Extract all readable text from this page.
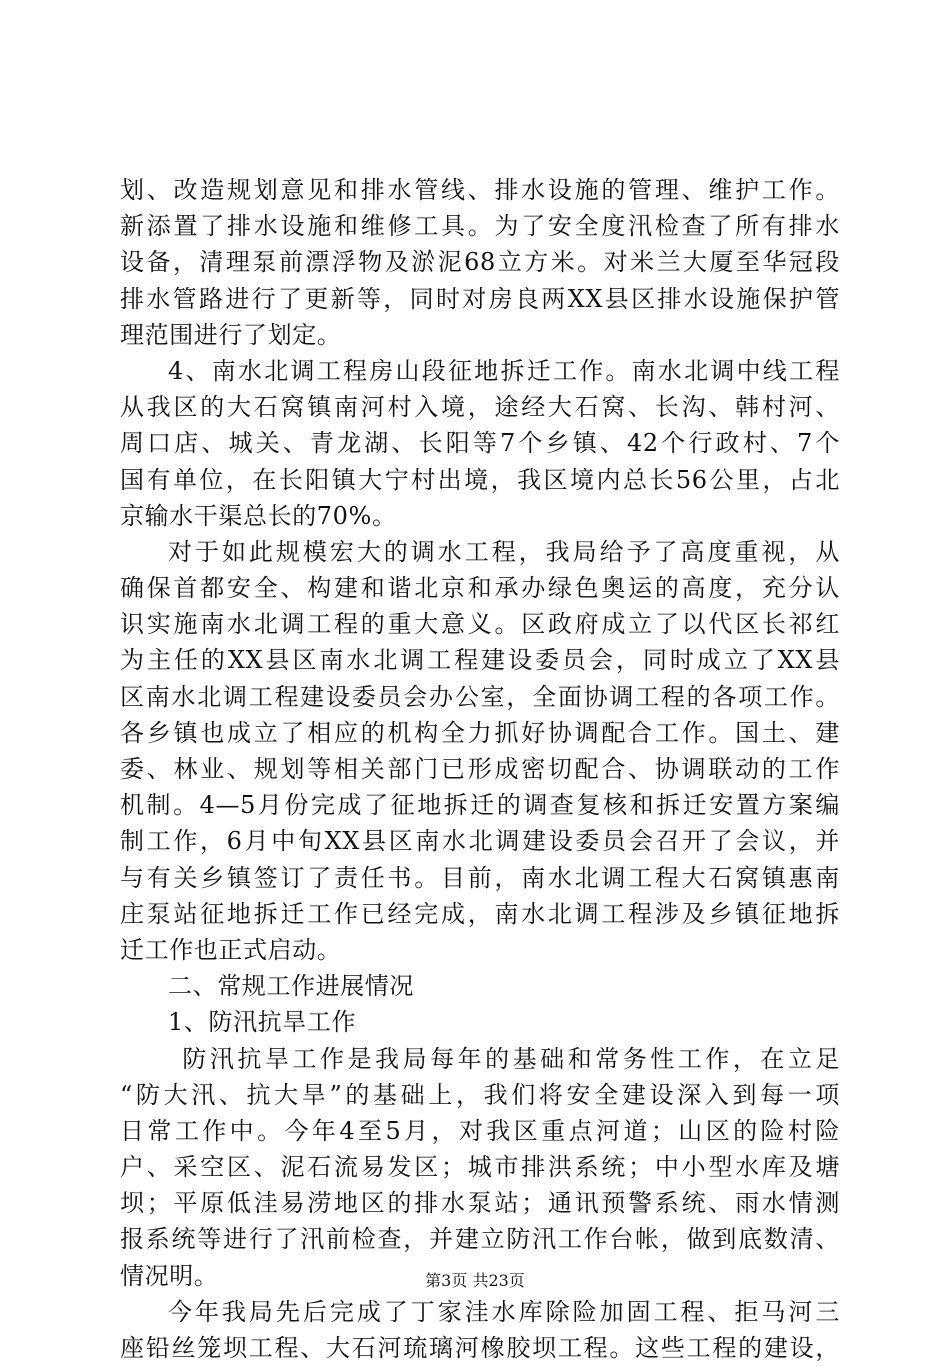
划、改造规划意见和排水管线、排水设施的管理、维护工作。
新添置了排水设施和维修工具。为了安全度汛检查了所有排水
设备，清理泵前漂浮物及淤泥68立方米。对米兰大厦至华冠段
排水管路进行了更新等，同时对房良两XX县区排水设施保护管
理范围进行了划定。
4、南水北调工程房山段征地拆迁工作。南水北调中线工程
从我区的大石窝镇南河村入境，途经大石窝、长沟、韩村河、
周口店、城关、青龙湖、长阳等7个乡镇、42个行政村、7个
国有单位，在长阳镇大宁村出境，我区境内总长56公里，占北
京输水干渠总长的70%。
对于如此规模宏大的调水工程，我局给予了高度重视，从
确保首都安全、构建和谐北京和承办绿色奥运的高度，充分认
识实施南水北调工程的重大意义。区政府成立了以代区长祁红
为主任的XX县区南水北调工程建设委员会，同时成立了XX县
区南水北调工程建设委员会办公室，全面协调工程的各项工作。
各乡镇也成立了相应的机构全力抓好协调配合工作。国土、建
委、林业、规划等相关部门已形成密切配合、协调联动的工作
机制。4—5月份完成了征地拆迁的调查复核和拆迁安置方案编
制工作，6月中旬XX县区南水北调建设委员会召开了会议，并
与有关乡镇签订了责任书。目前，南水北调工程大石窝镇惠南
庄泵站征地拆迁工作已经完成，南水北调工程涉及乡镇征地拆
迁工作也正式启动。
二、常规工作进展情况
1、防汛抗旱工作
防汛抗旱工作是我局每年的基础和常务性工作，在立足
“防大汛、抗大旱”的基础上，我们将安全建设深入到每一项
日常工作中。今年4至5月，对我区重点河道；山区的险村险
户、采空区、泥石流易发区；城市排洪系统；中小型水库及塘
坝；平原低洼易涝地区的排水泵站；通讯预警系统、雨水情测
报系统等进行了汛前检查，并建立防汛工作台帐，做到底数清、
情况明。
今年我局先后完成了丁家洼水库除险加固工程、拒马河三
座铅丝笼坝工程、大石河琉璃河橡胶坝工程。这些工程的建设，
第3页 共23页
